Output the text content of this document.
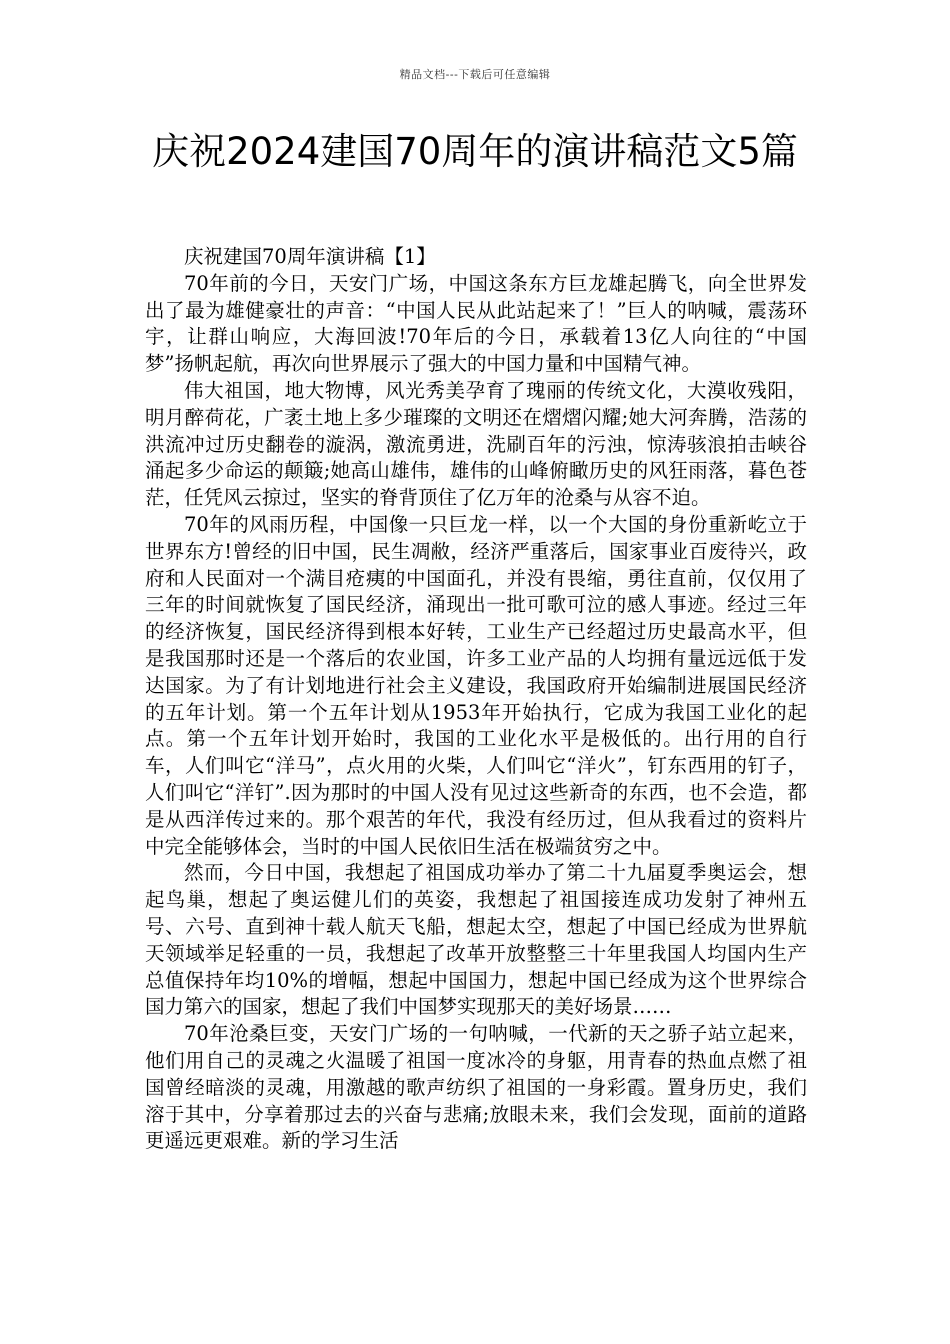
精品文档---下载后可任意编辑
庆祝2024建国70周年的演讲稿范文5篇

庆祝建国70周年演讲稿【1】

70年前的今日，天安门广场，中国这条东方巨龙雄起腾飞，向全世界发出了最为雄健豪壮的声音：“中国人民从此站起来了！”巨人的呐喊，震荡环宇，让群山响应，大海回波!70年后的今日，承载着13亿人向往的“中国梦”扬帆起航，再次向世界展示了强大的中国力量和中国精气神。

伟大祖国，地大物博，风光秀美孕育了瑰丽的传统文化，大漠收残阳，明月醉荷花，广袤土地上多少璀璨的文明还在熠熠闪耀;她大河奔腾，浩荡的洪流冲过历史翻卷的漩涡，激流勇进，洗刷百年的污浊，惊涛骇浪拍击峡谷涌起多少命运的颠簸;她高山雄伟，雄伟的山峰俯瞰历史的风狂雨落，暮色苍茫，任凭风云掠过，坚实的脊背顶住了亿万年的沧桑与从容不迫。

70年的风雨历程，中国像一只巨龙一样，以一个大国的身份重新屹立于世界东方!曾经的旧中国，民生凋敝，经济严重落后，国家事业百废待兴，政府和人民面对一个满目疮痍的中国面孔，并没有畏缩，勇往直前，仅仅用了三年的时间就恢复了国民经济，涌现出一批可歌可泣的感人事迹。经过三年的经济恢复，国民经济得到根本好转，工业生产已经超过历史最高水平，但是我国那时还是一个落后的农业国，许多工业产品的人均拥有量远远低于发达国家。为了有计划地进行社会主义建设，我国政府开始编制进展国民经济的五年计划。第一个五年计划从1953年开始执行，它成为我国工业化的起点。第一个五年计划开始时，我国的工业化水平是极低的。出行用的自行车，人们叫它“洋马”，点火用的火柴，人们叫它“洋火”，钉东西用的钉子，人们叫它“洋钉”.因为那时的中国人没有见过这些新奇的东西，也不会造，都是从西洋传过来的。那个艰苦的年代，我没有经历过，但从我看过的资料片中完全能够体会，当时的中国人民依旧生活在极端贫穷之中。

然而，今日中国，我想起了祖国成功举办了第二十九届夏季奥运会，想起鸟巢，想起了奥运健儿们的英姿，我想起了祖国接连成功发射了神州五号、六号、直到神十载人航天飞船，想起太空，想起了中国已经成为世界航天领域举足轻重的一员，我想起了改革开放整整三十年里我国人均国内生产总值保持年均10%的增幅，想起中国国力，想起中国已经成为这个世界综合国力第六的国家，想起了我们中国梦实现那天的美好场景……

70年沧桑巨变，天安门广场的一句呐喊，一代新的天之骄子站立起来，他们用自己的灵魂之火温暖了祖国一度冰冷的身躯，用青春的热血点燃了祖国曾经暗淡的灵魂，用激越的歌声纺织了祖国的一身彩霞。置身历史，我们溶于其中，分享着那过去的兴奋与悲痛;放眼未来，我们会发现，面前的道路更遥远更艰难。新的学习生活
